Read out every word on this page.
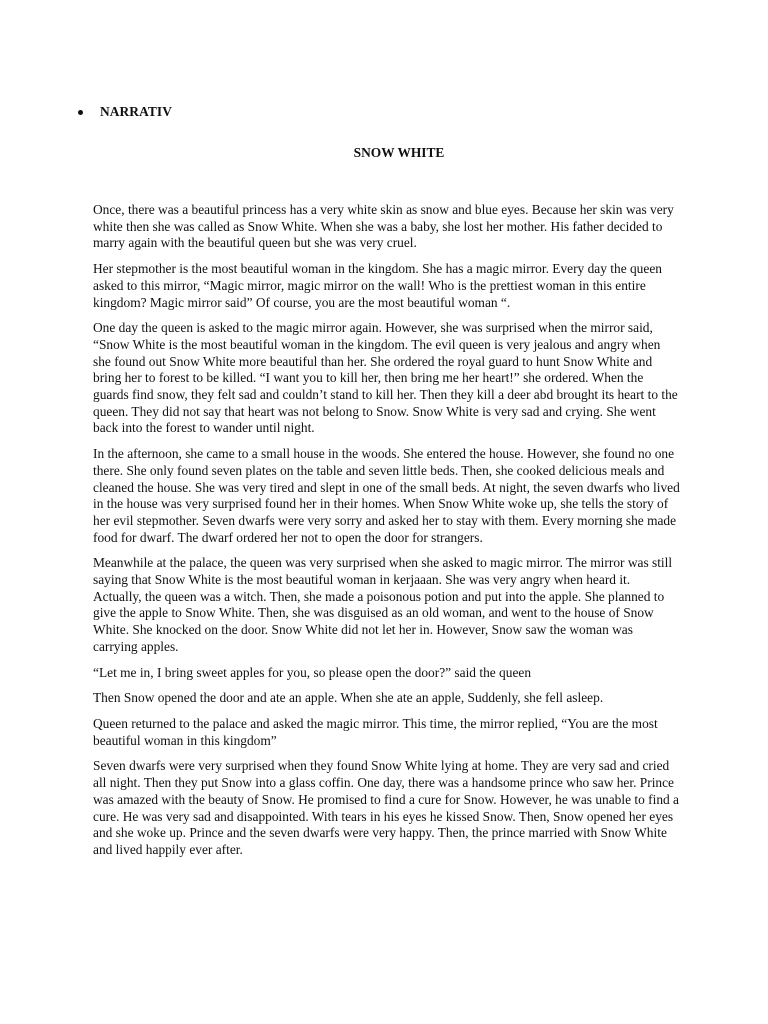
NARRATIV
SNOW WHITE

Once, there was a beautiful princess has a very white skin as snow and blue eyes. Because her skin was very white then she was called as Snow White. When she was a baby, she lost her mother. His father decided to marry again with the beautiful queen but she was very cruel.

Her stepmother is the most beautiful woman in the kingdom. She has a magic mirror. Every day the queen asked to this mirror, “Magic mirror, magic mirror on the wall! Who is the prettiest woman in this entire kingdom? Magic mirror said” Of course, you are the most beautiful woman “.

One day the queen is asked to the magic mirror again. However, she was surprised when the mirror said, “Snow White is the most beautiful woman in the kingdom. The evil queen is very jealous and angry when she found out Snow White more beautiful than her. She ordered the royal guard to hunt Snow White and bring her to forest to be killed. “I want you to kill her, then bring me her heart!” she ordered. When the guards find snow, they felt sad and couldn’t stand to kill her. Then they kill a deer abd brought its heart to the queen. They did not say that heart was not belong to Snow. Snow White is very sad and crying. She went back into the forest to wander until night.

In the afternoon, she came to a small house in the woods. She entered the house. However, she found no one there. She only found seven plates on the table and seven little beds. Then, she cooked delicious meals and cleaned the house. She was very tired and slept in one of the small beds. At night, the seven dwarfs who lived in the house was very surprised found her in their homes. When Snow White woke up, she tells the story of her evil stepmother. Seven dwarfs were very sorry and asked her to stay with them. Every morning she made food for dwarf. The dwarf ordered her not to open the door for strangers.

Meanwhile at the palace, the queen was very surprised when she asked to magic mirror. The mirror was still saying that Snow White is the most beautiful woman in kerjaaan. She was very angry when heard it. Actually, the queen was a witch. Then, she made a poisonous potion and put into the apple. She planned to give the apple to Snow White. Then, she was disguised as an old woman, and went to the house of Snow White. She knocked on the door. Snow White did not let her in. However, Snow saw the woman was carrying apples.

“Let me in, I bring sweet apples for you, so please open the door?” said the queen

Then Snow opened the door and ate an apple. When she ate an apple, Suddenly, she fell asleep.

Queen returned to the palace and asked the magic mirror. This time, the mirror replied, “You are the most beautiful woman in this kingdom”

Seven dwarfs were very surprised when they found Snow White lying at home. They are very sad and cried all night. Then they put Snow into a glass coffin. One day, there was a handsome prince who saw her. Prince was amazed with the beauty of Snow. He promised to find a cure for Snow. However, he was unable to find a cure. He was very sad and disappointed. With tears in his eyes he kissed Snow. Then, Snow opened her eyes and she woke up. Prince and the seven dwarfs were very happy. Then, the prince married with Snow White and lived happily ever after.
